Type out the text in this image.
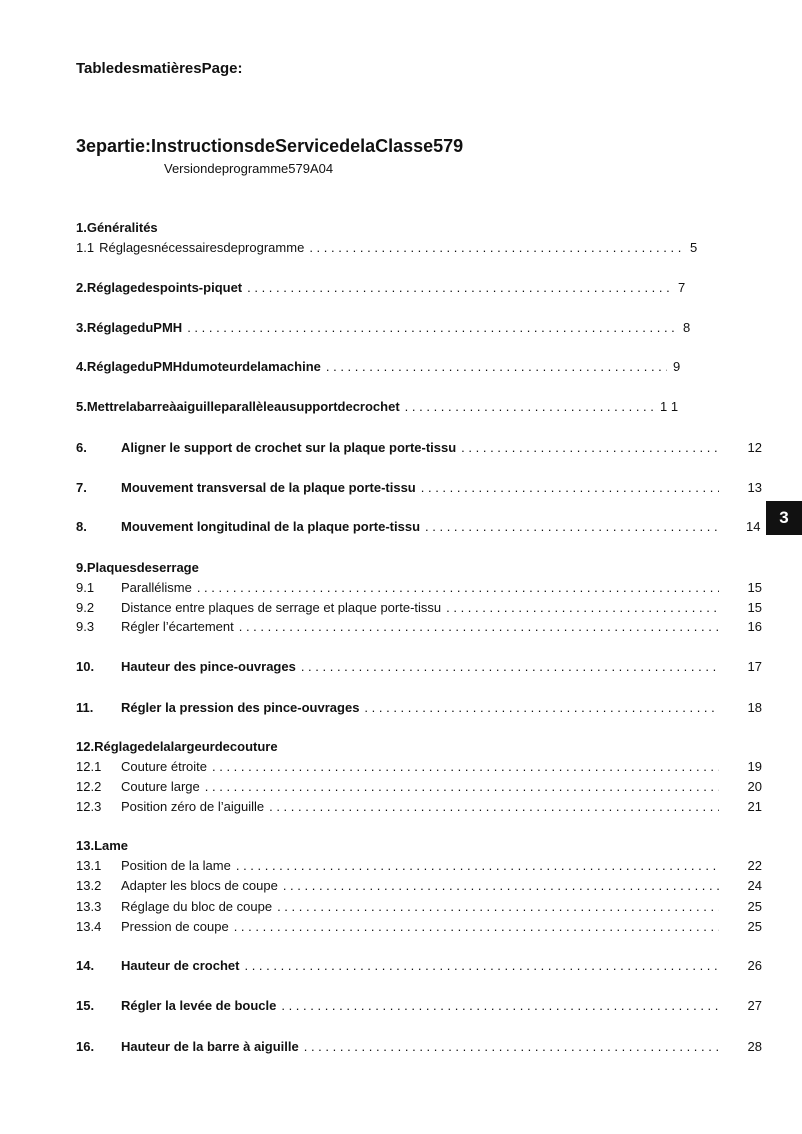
TabledesmatièresPage:
3epartie:InstructionsdeServicedelaClasse579
Versiondeprogramme579A04
1.Généralités
1.1 Réglagesnécessairesdeprogramme . . .	5
2.Réglagedespoints-piquet . . .	7
3.RéglageduPMH . . .	8
4.RéglageduPMHdumoteurdelamachine . . .	9
5.Mettrelabarreàaiguilleparallèleausupportdecrochet . . .	1 1
6.	Aligner le support de crochet sur la plaque porte-tissu . . .	12
7.	Mouvement transversal de la plaque porte-tissu . . .	13
8.	Mouvement longitudinal de la plaque porte-tissu . . .	14	3
9.Plaquesdeserrage
9.1 Parallélisme . . .	15
9.2 Distance entre plaques de serrage et plaque porte-tissu . . .	15
9.3 Régler l’écartement . . .	16
10. Hauteur des pince-ouvrages . . .	17
11. Régler la pression des pince-ouvrages . . .	18
12.Réglagedelalargeurdecouture
12.1 Couture étroite . . .	19
12.2 Couture large . . .	20
12.3 Position zéro de l’aiguille . . .	21
13.Lame
13.1 Position de la lame . . .	22
13.2 Adapter les blocs de coupe . . .	24
13.3 Réglage du bloc de coupe . . .	25
13.4 Pression de coupe . . .	25
14. Hauteur de crochet . . .	26
15. Régler la levée de boucle . . .	27
16. Hauteur de la barre à aiguille . . .	28
